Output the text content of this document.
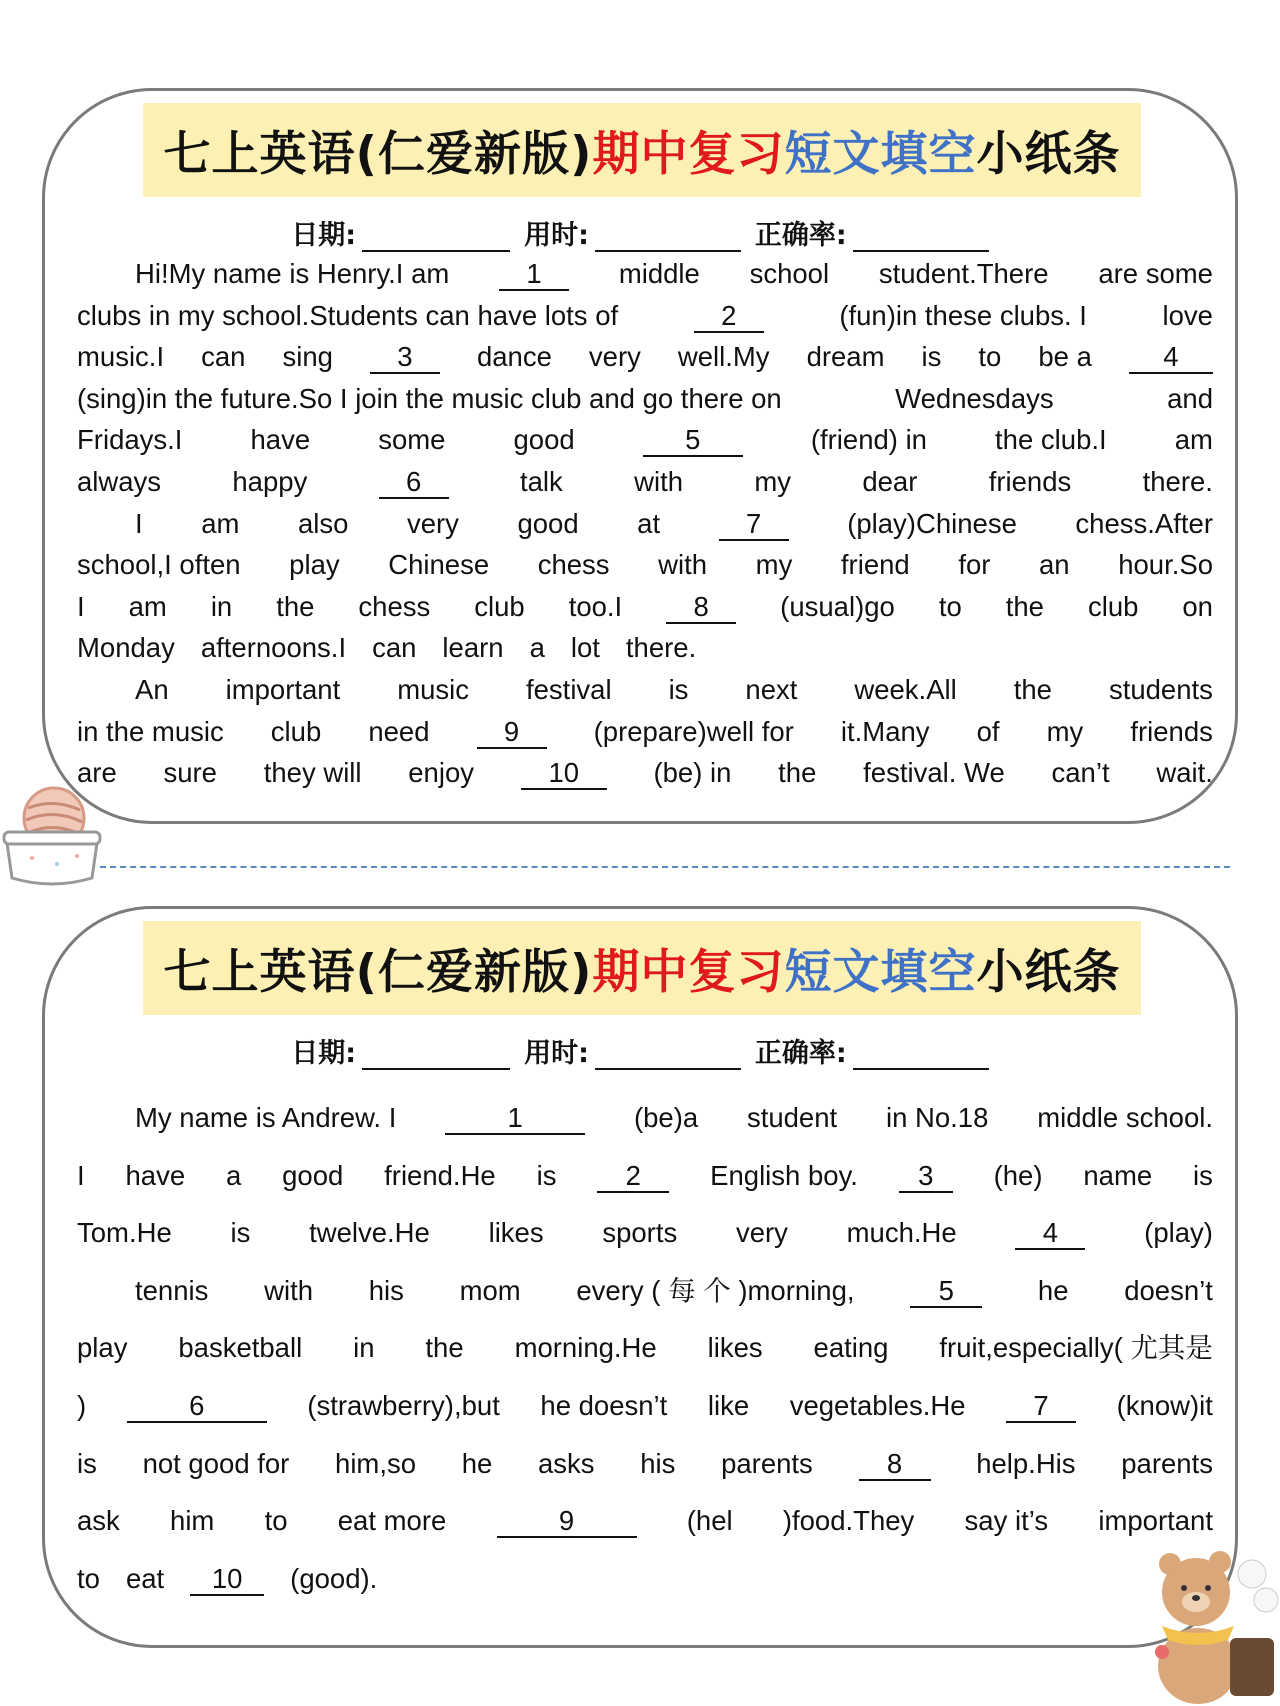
七上英语(仁爱新版) 期中复习 短文填空 小纸条
日期:	用时:	正确率:
Hi!My name is Henry.I am	1	middle school student.There are some
clubs in my school.Students can have lots of	2	(fun)in these clubs. I	love
music.I can sing	3	dance very well.My dream is to be a	4
(sing)in the future.So I join the music club and go there on	Wednesdays	and
Fridays.I have some good	5	(friend) in the club.I am
always	happy	6	talk	with	my	dear	friends	there.
I am also very good at	7	(play)Chinese chess.After
school,I often play Chinese chess with my friend for an hour.So
I am in the chess club too.I	8	(usual)go to the club on
Monday afternoons.I can learn a lot there.
An important music festival is next week.All the students
in the music club need	9	(prepare)well for it.Many of my friends
are sure they will enjoy	10	(be) in the festival. We can’t wait.
七上英语(仁爱新版) 期中复习 短文填空 小纸条
日期:	用时:	正确率:
My name is Andrew. I	1	(be)a student in No.18 middle school.
I have a good friend.He is	2	English boy.	3	(he) name is
Tom.He is twelve.He likes sports very much.He	4	(play)
tennis with his mom every ( 每 个 )morning,	5	he doesn’t
play basketball in the morning.He likes eating fruit,especially( 尤其是
)	6	(strawberry),but he doesn’t like vegetables.He	7	(know)it
is not good for him,so he asks his parents	8	help.His parents
ask him to eat more	9	(hel )food.They say it’s important
to eat	10	(good).
